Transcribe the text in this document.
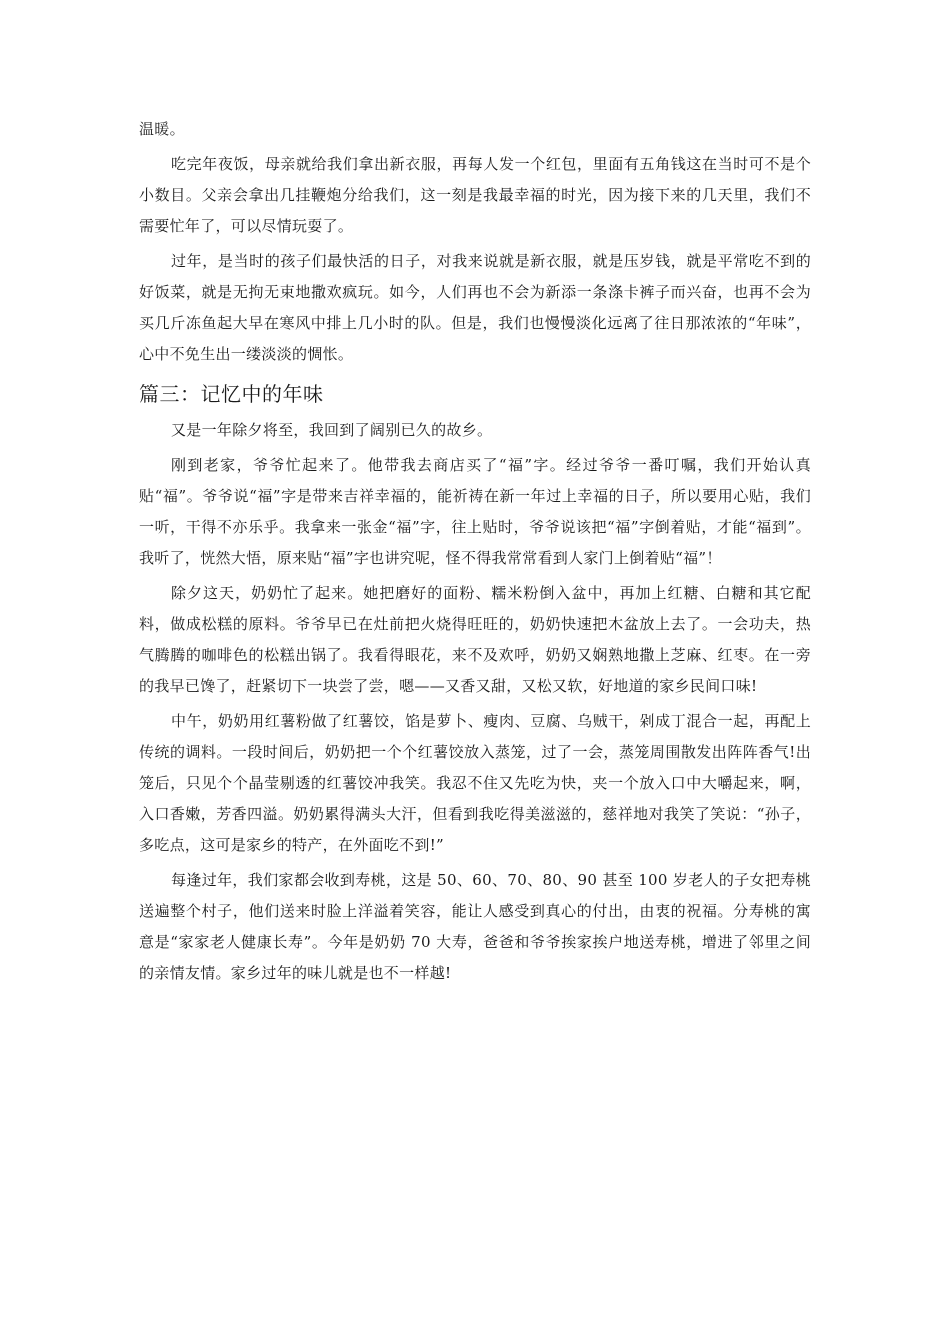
温暖。

吃完年夜饭，母亲就给我们拿出新衣服，再每人发一个红包，里面有五角钱这在当时可不是个小数目。父亲会拿出几挂鞭炮分给我们，这一刻是我最幸福的时光，因为接下来的几天里，我们不需要忙年了，可以尽情玩耍了。

过年，是当时的孩子们最快活的日子，对我来说就是新衣服，就是压岁钱，就是平常吃不到的好饭菜，就是无拘无束地撒欢疯玩。如今，人们再也不会为新添一条涤卡裤子而兴奋，也再不会为买几斤冻鱼起大早在寒风中排上几小时的队。但是，我们也慢慢淡化远离了往日那浓浓的“年味”，心中不免生出一缕淡淡的惆怅。

篇三：记忆中的年味

又是一年除夕将至，我回到了阔别已久的故乡。

刚到老家，爷爷忙起来了。他带我去商店买了“福”字。经过爷爷一番叮嘱，我们开始认真贴“福”。爷爷说“福”字是带来吉祥幸福的，能祈祷在新一年过上幸福的日子，所以要用心贴，我们一听，干得不亦乐乎。我拿来一张金“福”字，往上贴时，爷爷说该把“福”字倒着贴，才能“福到”。我听了，恍然大悟，原来贴“福”字也讲究呢，怪不得我常常看到人家门上倒着贴“福”！

除夕这天，奶奶忙了起来。她把磨好的面粉、糯米粉倒入盆中，再加上红糖、白糖和其它配料，做成松糕的原料。爷爷早已在灶前把火烧得旺旺的，奶奶快速把木盆放上去了。一会功夫，热气腾腾的咖啡色的松糕出锅了。我看得眼花，来不及欢呼，奶奶又娴熟地撒上芝麻、红枣。在一旁的我早已馋了，赶紧切下一块尝了尝，嗯——又香又甜，又松又软，好地道的家乡民间口味!

中午，奶奶用红薯粉做了红薯饺，馅是萝卜、瘦肉、豆腐、乌贼干，剁成丁混合一起，再配上传统的调料。一段时间后，奶奶把一个个红薯饺放入蒸笼，过了一会，蒸笼周围散发出阵阵香气!出笼后，只见个个晶莹剔透的红薯饺冲我笑。我忍不住又先吃为快，夹一个放入口中大嚼起来，啊，入口香嫩，芳香四溢。奶奶累得满头大汗，但看到我吃得美滋滋的，慈祥地对我笑了笑说：“孙子，多吃点，这可是家乡的特产，在外面吃不到!”

每逢过年，我们家都会收到寿桃，这是 50、60、70、80、90 甚至 100 岁老人的子女把寿桃送遍整个村子，他们送来时脸上洋溢着笑容，能让人感受到真心的付出，由衷的祝福。分寿桃的寓意是“家家老人健康长寿”。今年是奶奶 70 大寿，爸爸和爷爷挨家挨户地送寿桃，增进了邻里之间的亲情友情。家乡过年的味儿就是也不一样越!
